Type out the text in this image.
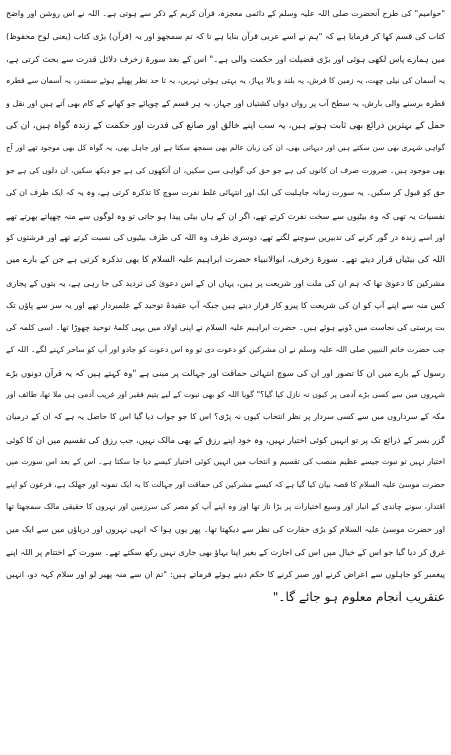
"حوامیم" کی طرح آنحضرت صلی اللہ علیہ وسلم کے دائمی معجزہ، قرآن کریم کے ذکر سے ہوتی ہے۔ اللہ نے اس روشن اور واضح
کتاب کی قسم کھا کر فرمایا ہے کہ "ہم نے اسے عربی قرآن بنایا ہے تا کہ تم سمجھو اور یہ (قرآن) بڑی کتاب (یعنی لوح محفوظ)
میں ہمارے پاس لکھی ہوئی اور بڑی فضیلت اور حکمت والی ہے۔" اس کے بعد سورۃ زخرف دلائل قدرت سے بحث کرتی ہے،
یہ آسمان کی نیلی چھت، یہ زمین کا فرش، یہ بلند و بالا پہاڑ، یہ بہتی ہوئی نہریں، یہ تا حد نظر پھیلے ہوئے سمندر، یہ آسمان سے قطرہ
قطرہ برسنے والی بارش، یہ سطح آب پر رواں دواں کشتیاں اور جہاز، یہ ہر قسم کے چوپائے جو کھانے کے کام بھی آتے ہیں اور نقل و
حمل کے بہترین ذرائع بھی ثابت ہوتے ہیں، یہ سب اپنے خالق اور صانع کی قدرت اور حکمت کے زندہ گواہ ہیں، ان کی
گواہی شہری بھی سن سکتے ہیں اور دیہاتی بھی، ان کی زبان عالم بھی سمجھ سکتا ہے اور جاہل بھی، یہ گواہ کل بھی موجود تھے اور آج
بھی موجود ہیں۔ ضرورت صرف ان کانوں کی ہے جو حق کی گواہی سن سکیں، ان آنکھوں کی ہے جو دیکھ سکیں، ان دلوں کی ہے جو
حق کو قبول کر سکیں۔ یہ سورت زمانہ جاہلیت کی ایک اور انتہائی غلط نفرت سوچ کا تذکرہ کرتی ہے، وہ یہ کہ ایک طرف ان کی
نفسیات یہ تھی کہ وہ بیٹیوں سے سخت نفرت کرتے تھے، اگر ان کے ہاں بیٹی پیدا ہو جاتی تو وہ لوگوں سے منہ چھپاتے پھرتے تھے
اور اسے زندہ در گور کرنے کی تدبیریں سوچنے لگتے تھے، دوسری طرف وہ اللہ کی طرف بیٹیوں کی نسبت کرتے تھے اور فرشتوں کو
اللہ کی بیٹیاں قرار دیتے تھے۔ سورۃ زخرف، ابوالانبیاء حضرت ابراہیم علیہ السلام کا بھی تذکرہ کرتی ہے جن کے بارے میں
مشرکین کا دعویٰ تھا کہ ہم ان کی ملت اور شریعت پر ہیں، یہاں ان کے اس دعویٰ کی تردید کی جا رہی ہے، یہ بتوں کے پجاری
کس منہ سے اپنے آپ کو ان کی شریعت کا پیرو کار قرار دیتے ہیں جبکہ آپ عقیدۂ توحید کے علمبردار تھے اور یہ سر سے پاؤں تک
بت پرستی کی نجاست میں ڈوبے ہوئے ہیں۔ حضرت ابراہیم علیہ السلام نے اپنی اولاد میں یہی کلمۂ توحید چھوڑا تھا۔ اسی کلمہ کی
جب حضرت خاتم النبیین صلی اللہ علیہ وسلم نے ان مشرکین کو دعوت دی تو وہ اس دعوت کو جادو اور آپ کو ساحر کہنے لگے۔ اللہ کے
رسول کے بارے میں ان کا تصور اور ان کی سوچ انتہائی حماقت اور جہالت پر مبنی ہے "وہ کہتے ہیں کہ یہ قرآن دونوں بڑے
شہروں میں سے کسی بڑے آدمی پر کیوں نہ نازل کیا گیا؟" گویا اللہ کو بھی نبوت کے لیے یتیم فقیر اور غریب آدمی ہی ملا تھا، طائف اور
مکہ کے سرداروں میں سے کسی سردار پر نظر انتخاب کیوں نہ پڑی؟ اس کا جو جواب دیا گیا اس کا حاصل یہ ہے کہ ان کے درمیان
گزر بسر کے ذرائع تک پر تو انہیں کوئی اختیار نہیں، وہ خود اپنے رزق کے بھی مالک نہیں، جب رزق کی تقسیم میں ان کا کوئی
اختیار نہیں تو نبوت جیسے عظیم منصب کی تقسیم و انتخاب میں انہیں کوئی اختیار کیسے دیا جا سکتا ہے۔ اس کے بعد اس سورت میں
حضرت موسیٰ علیہ السلام کا قصہ بیان کیا گیا ہے کہ کیسے مشرکین کی حماقت اور جہالت کا یہ ایک نمونہ اور جھلک ہے، فرعون کو اپنے
اقتدار، سونے چاندی کے انبار اور وسیع اختیارات پر بڑا ناز تھا اور وہ اپنے آپ کو مصر کی سرزمین اور نہروں کا حقیقی مالک سمجھتا تھا
اور حضرت موسیٰ علیہ السلام کو بڑی حقارت کی نظر سے دیکھتا تھا۔ پھر یوں ہوا کہ انہی نہروں اور دریاؤں میں سے ایک میں
غرق کر دیا گیا جو اس کے خیال میں اس کی اجازت کے بغیر اپنا بہاؤ بھی جاری نہیں رکھ سکتے تھے۔ سورت کے اختتام پر اللہ اپنے
پیغمبر کو جاہلوں سے اعراض کرنے اور صبر کرنے کا حکم دیتے ہوئے فرماتے ہیں: "تم ان سے منہ پھیر لو اور سلام کہہ دو، انہیں
عنقریب انجام معلوم ہو جائے گا۔"
